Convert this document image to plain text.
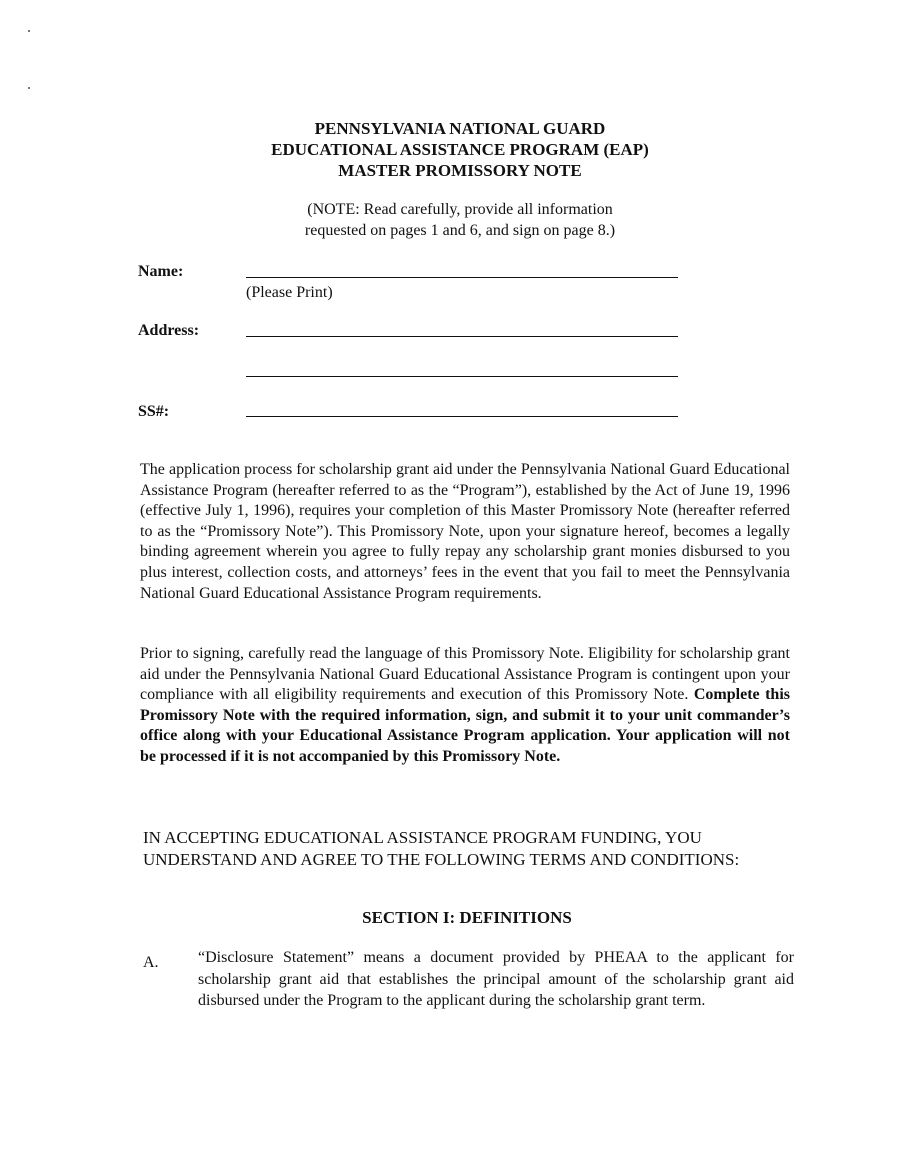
PENNSYLVANIA NATIONAL GUARD
EDUCATIONAL ASSISTANCE PROGRAM (EAP)
MASTER PROMISSORY NOTE
(NOTE: Read carefully, provide all information
requested on pages 1 and 6, and sign on page 8.)
Name:
(Please Print)
Address:
SS#:

The application process for scholarship grant aid under the Pennsylvania National Guard Educational Assistance Program (hereafter referred to as the “Program”), established by the Act of June 19, 1996 (effective July 1, 1996), requires your completion of this Master Promissory Note (hereafter referred to as the “Promissory Note”). This Promissory Note, upon your signature hereof, becomes a legally binding agreement wherein you agree to fully repay any scholarship grant monies disbursed to you plus interest, collection costs, and attorneys’ fees in the event that you fail to meet the Pennsylvania National Guard Educational Assistance Program requirements.

Prior to signing, carefully read the language of this Promissory Note. Eligibility for scholarship grant aid under the Pennsylvania National Guard Educational Assistance Program is contingent upon your compliance with all eligibility requirements and execution of this Promissory Note. Complete this Promissory Note with the required information, sign, and submit it to your unit commander’s office along with your Educational Assistance Program application. Your application will not be processed if it is not accompanied by this Promissory Note.

IN ACCEPTING EDUCATIONAL ASSISTANCE PROGRAM FUNDING, YOU
UNDERSTAND AND AGREE TO THE FOLLOWING TERMS AND CONDITIONS:
SECTION I: DEFINITIONS
A. “Disclosure Statement” means a document provided by PHEAA to the applicant for scholarship grant aid that establishes the principal amount of the scholarship grant aid disbursed under the Program to the applicant during the scholarship grant term.
